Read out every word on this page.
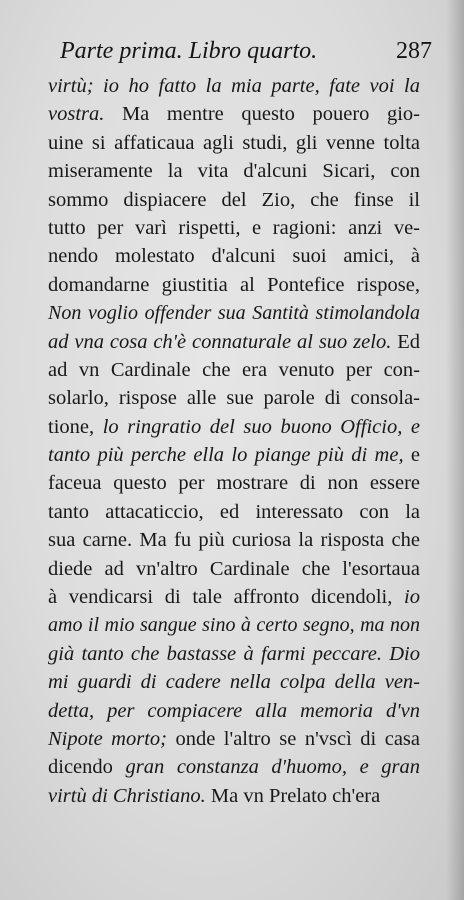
Parte prima. Libro quarto.	287
virtù; io ho fatto la mia parte, fate voi la
vostra. Ma mentre questo pouero gio-
uine si affaticaua agli studi, gli venne tolta
miseramente la vita d'alcuni Sicari, con
sommo dispiacere del Zio, che finse il
tutto per varì rispetti, e ragioni: anzi ve-
nendo molestato d'alcuni suoi amici, à
domandarne giustitia al Pontefice rispose,
Non voglio offender sua Santità stimolandola
ad vna cosa ch'è connaturale al suo zelo. Ed
ad vn Cardinale che era venuto per con-
solarlo, rispose alle sue parole di consola-
tione, lo ringratio del suo buono Officio, e
tanto più perche ella lo piange più di me, e
faceua questo per mostrare di non essere
tanto attacaticcio, ed interessato con la
sua carne. Ma fu più curiosa la risposta che
diede ad vn'altro Cardinale che l'esortaua
à vendicarsi di tale affronto dicendoli, io
amo il mio sangue sino à certo segno, ma non
già tanto che bastasse à farmi peccare. Dio
mi guardi di cadere nella colpa della ven-
detta, per compiacere alla memoria d'vn
Nipote morto; onde l'altro se n'vscì di casa
dicendo gran constanza d'huomo, e gran
virtù di Christiano. Ma vn Prelato ch'era
